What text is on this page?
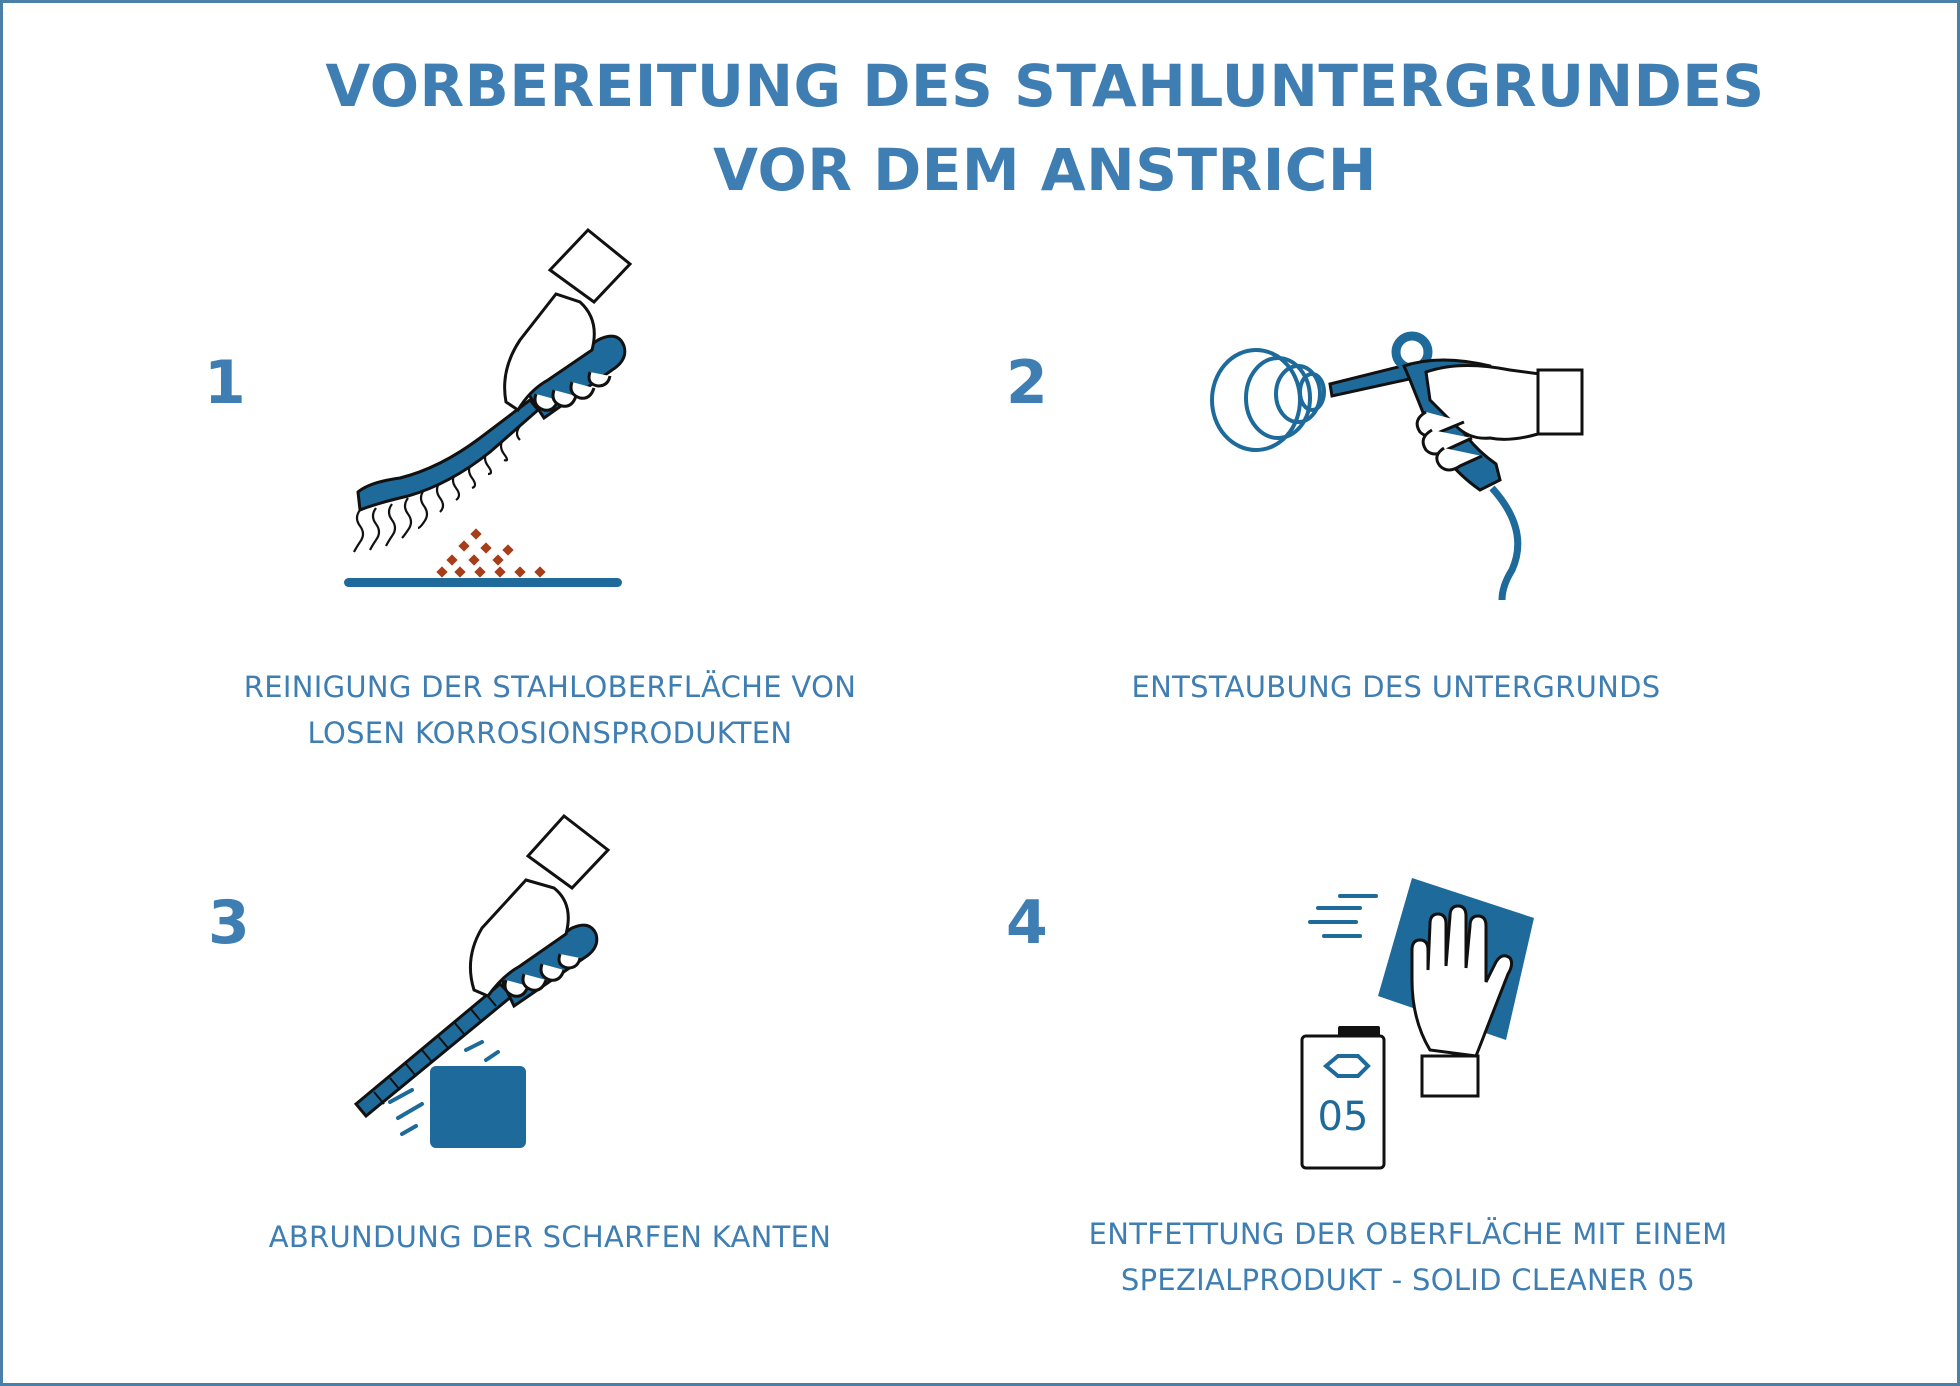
VORBEREITUNG DES STAHLUNTERGRUNDES
VOR DEM ANSTRICH
1
REINIGUNG DER STAHLOBERFLÄCHE VON
LOSEN KORROSIONSPRODUKTEN
2
ENTSTAUBUNG DES UNTERGRUNDS
3
ABRUNDUNG DER SCHARFEN KANTEN
4
05
ENTFETTUNG DER OBERFLÄCHE MIT EINEM
SPEZIALPRODUKT - SOLID CLEANER 05
